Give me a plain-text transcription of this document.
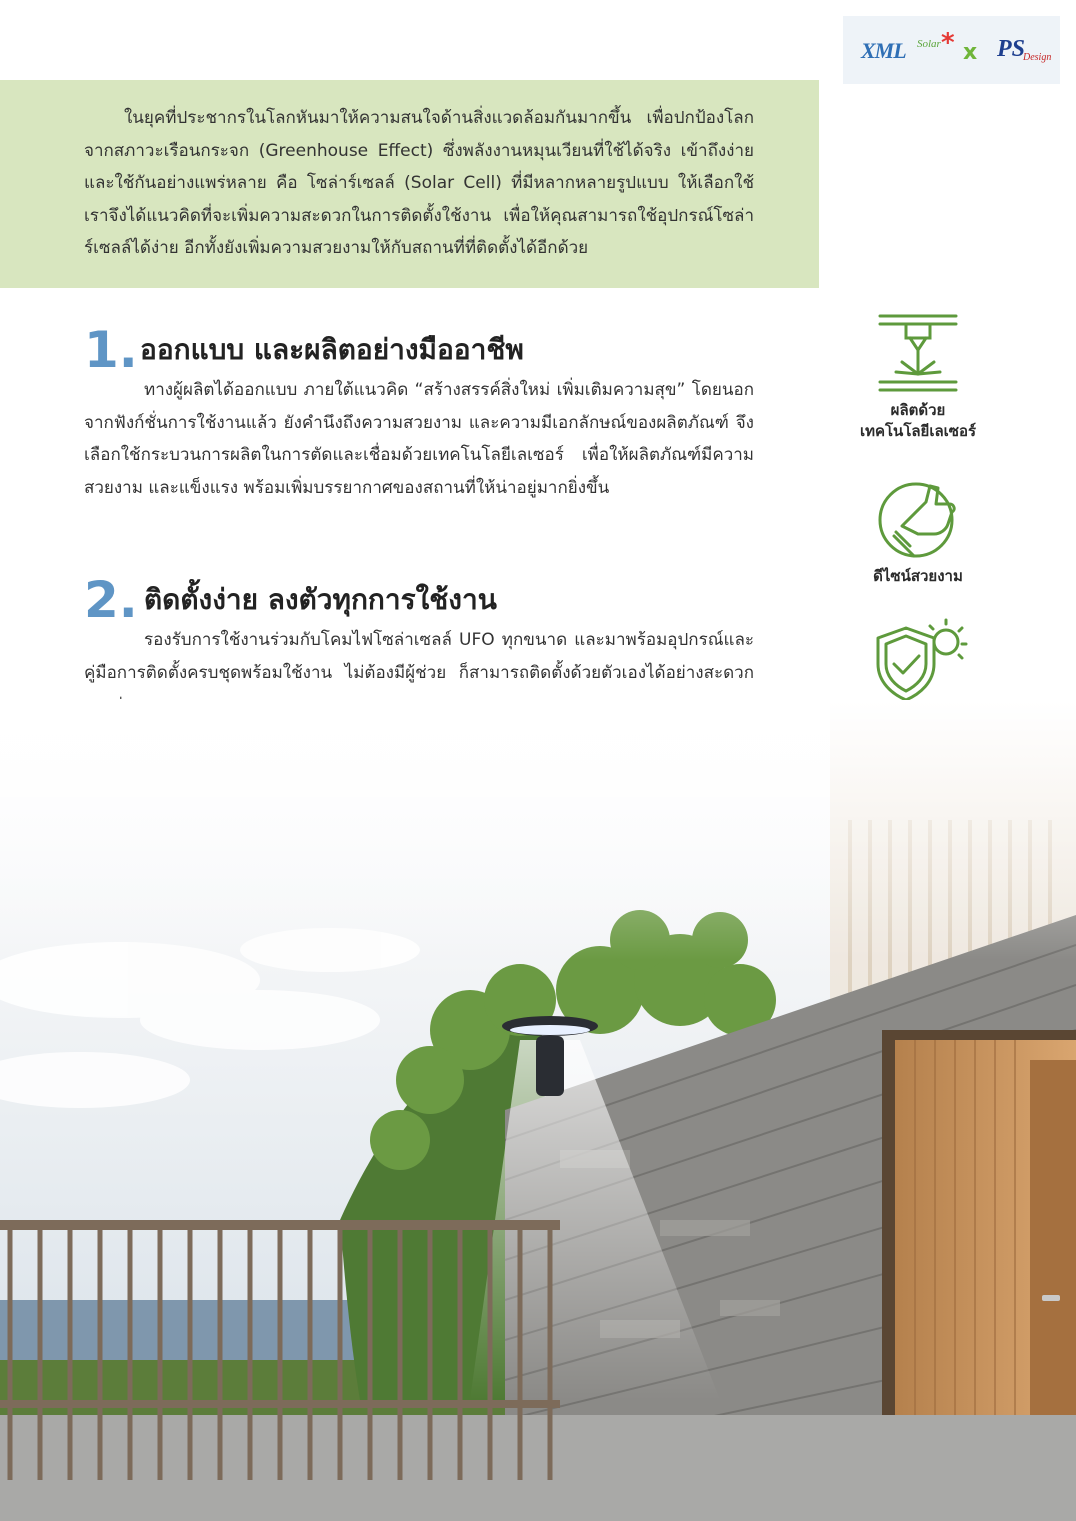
XML Solar * x PS
Design

ในยุคที่ประชากรในโลกหันมาให้ความสนใจด้านสิ่งแวดล้อมกันมากขึ้น เพื่อปกป้องโลกจากสภาวะเรือนกระจก (Greenhouse Effect) ซึ่งพลังงานหมุนเวียนที่ใช้ได้จริง เข้าถึงง่าย และใช้กันอย่างแพร่หลาย คือ โซล่าร์เซลล์ (Solar Cell) ที่มีหลากหลายรูปแบบ ให้เลือกใช้ เราจึงได้แนวคิดที่จะเพิ่มความสะดวกในการติดตั้งใช้งาน เพื่อให้คุณสามารถใช้อุปกรณ์โซล่าร์เซลล์ได้ง่าย อีกทั้งยังเพิ่มความสวยงามให้กับสถานที่ที่ติดตั้งได้อีกด้วย

1. ออกแบบ และผลิตอย่างมืออาชีพ

ทางผู้ผลิตได้ออกแบบ ภายใต้แนวคิด “สร้างสรรค์สิ่งใหม่ เพิ่มเติมความสุข” โดยนอกจากฟังก์ชั่นการใช้งานแล้ว ยังคำนึงถึงความสวยงาม และความมีเอกลักษณ์ของผลิตภัณฑ์ จึงเลือกใช้กระบวนการผลิตในการตัดและเชื่อมด้วยเทคโนโลยีเลเซอร์ เพื่อให้ผลิตภัณฑ์มีความสวยงาม และแข็งแรง พร้อมเพิ่มบรรยากาศของสถานที่ให้น่าอยู่มากยิ่งขึ้น

2. ติดตั้งง่าย ลงตัวทุกการใช้งาน

รองรับการใช้งานร่วมกับโคมไฟโซล่าเซลล์ UFO ทุกขนาด และมาพร้อมอุปกรณ์และคู่มือการติดตั้งครบชุดพร้อมใช้งาน ไม่ต้องมีผู้ช่วย ก็สามารถติดตั้งด้วยตัวเองได้อย่างสะดวก

ผลิตด้วย
เทคโนโลยีเลเซอร์
ดีไซน์สวยงาม
